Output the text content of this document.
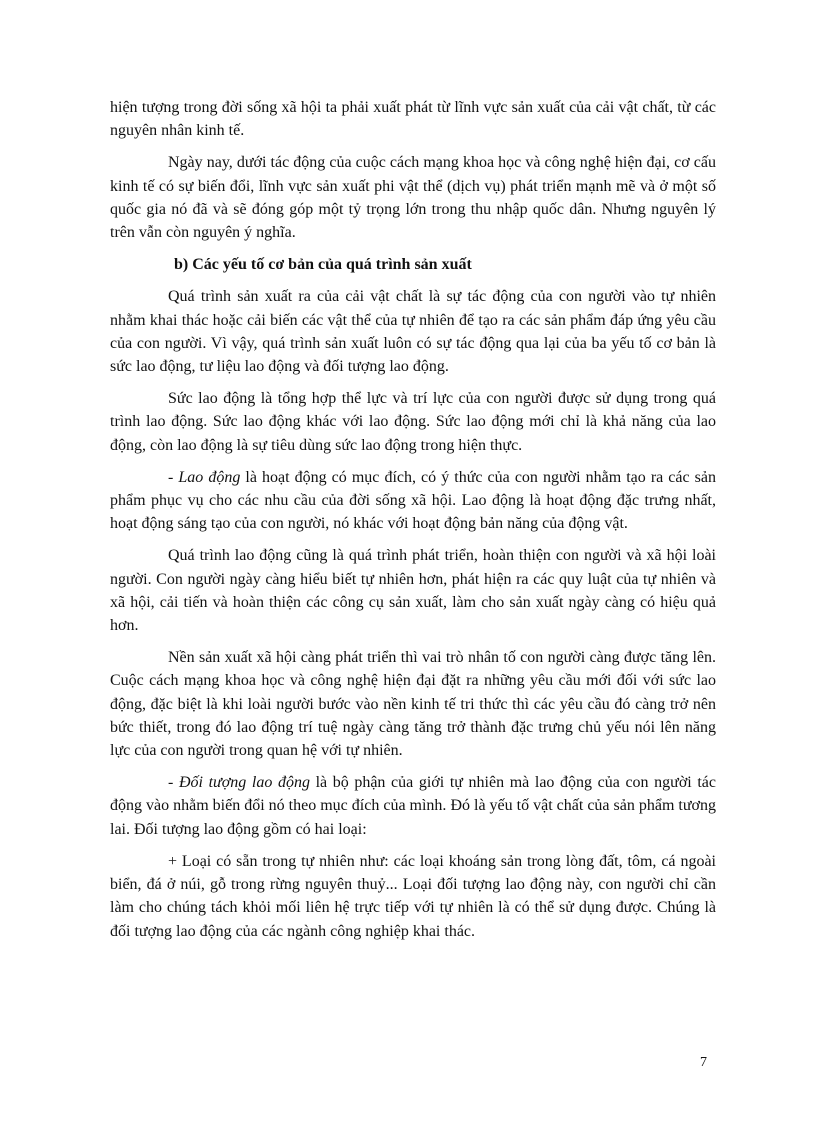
hiện tượng trong đời sống xã hội ta phải xuất phát từ lĩnh vực sản xuất của cải vật chất, từ các nguyên nhân kinh tế.

Ngày nay, dưới tác động của cuộc cách mạng khoa học và công nghệ hiện đại, cơ cấu kinh tế có sự biến đổi, lĩnh vực sản xuất phi vật thể (dịch vụ) phát triển mạnh mẽ và ở một số quốc gia nó đã và sẽ đóng góp một tỷ trọng lớn trong thu nhập quốc dân. Nhưng nguyên lý trên vẫn còn nguyên ý nghĩa.

b) Các yếu tố cơ bản của quá trình sản xuất

Quá trình sản xuất ra của cải vật chất là sự tác động của con người vào tự nhiên nhằm khai thác hoặc cải biến các vật thể của tự nhiên để tạo ra các sản phẩm đáp ứng yêu cầu của con người. Vì vậy, quá trình sản xuất luôn có sự tác động qua lại của ba yếu tố cơ bản là sức lao động, tư liệu lao động và đối tượng lao động.

Sức lao động là tổng hợp thể lực và trí lực của con người được sử dụng trong quá trình lao động. Sức lao động khác với lao động. Sức lao động mới chỉ là khả năng của lao động, còn lao động là sự tiêu dùng sức lao động trong hiện thực.

- Lao động là hoạt động có mục đích, có ý thức của con người nhằm tạo ra các sản phẩm phục vụ cho các nhu cầu của đời sống xã hội. Lao động là hoạt động đặc trưng nhất, hoạt động sáng tạo của con người, nó khác với hoạt động bản năng của động vật.

Quá trình lao động cũng là quá trình phát triển, hoàn thiện con người và xã hội loài người. Con người ngày càng hiểu biết tự nhiên hơn, phát hiện ra các quy luật của tự nhiên và xã hội, cải tiến và hoàn thiện các công cụ sản xuất, làm cho sản xuất ngày càng có hiệu quả hơn.

Nền sản xuất xã hội càng phát triển thì vai trò nhân tố con người càng được tăng lên. Cuộc cách mạng khoa học và công nghệ hiện đại đặt ra những yêu cầu mới đối với sức lao động, đặc biệt là khi loài người bước vào nền kinh tế tri thức thì các yêu cầu đó càng trở nên bức thiết, trong đó lao động trí tuệ ngày càng tăng trở thành đặc trưng chủ yếu nói lên năng lực của con người trong quan hệ với tự nhiên.

- Đối tượng lao động là bộ phận của giới tự nhiên mà lao động của con người tác động vào nhằm biến đổi nó theo mục đích của mình. Đó là yếu tố vật chất của sản phẩm tương lai. Đối tượng lao động gồm có hai loại:

+ Loại có sẵn trong tự nhiên như: các loại khoáng sản trong lòng đất, tôm, cá ngoài biển, đá ở núi, gỗ trong rừng nguyên thuỷ... Loại đối tượng lao động này, con người chỉ cần làm cho chúng tách khỏi mối liên hệ trực tiếp với tự nhiên là có thể sử dụng được. Chúng là đối tượng lao động của các ngành công nghiệp khai thác.

7
